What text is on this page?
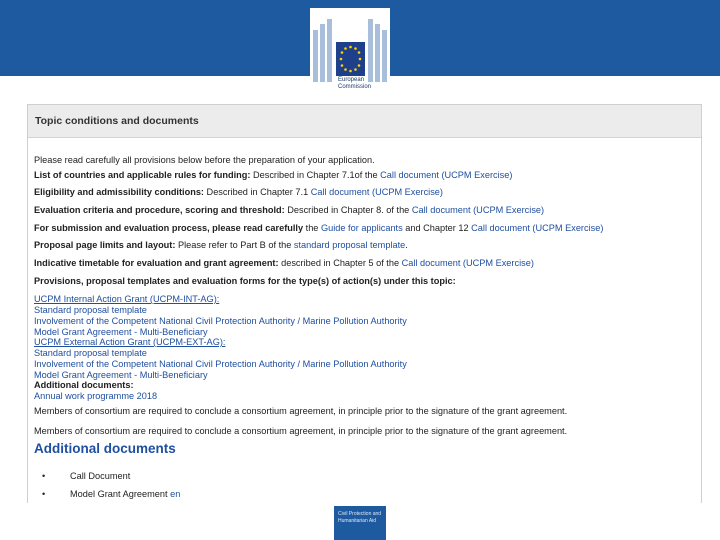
European
Commission
Topic conditions and documents
Please read carefully all provisions below before the preparation of your application.
List of countries and applicable rules for funding: Described in Chapter 7.1of the Call document (UCPM Exercise)
Eligibility and admissibility conditions: Described in Chapter 7.1 Call document (UCPM Exercise)
Evaluation criteria and procedure, scoring and threshold: Described in Chapter 8. of the Call document (UCPM Exercise)
For submission and evaluation process, please read carefully the Guide for applicants and Chapter 12 Call document (UCPM Exercise)
Proposal page limits and layout: Please refer to Part B of the standard proposal template.
Indicative timetable for evaluation and grant agreement: described in Chapter 5 of the Call document (UCPM Exercise)
Provisions, proposal templates and evaluation forms for the type(s) of action(s) under this topic:
UCPM Internal Action Grant (UCPM-INT-AG):
Standard proposal template
Involvement of the Competent National Civil Protection Authority / Marine Pollution Authority
Model Grant Agreement - Multi-Beneficiary
UCPM External Action Grant (UCPM-EXT-AG):
Standard proposal template
Involvement of the Competent National Civil Protection Authority / Marine Pollution Authority
Model Grant Agreement - Multi-Beneficiary
Additional documents:
Annual work programme 2018
Members of consortium are required to conclude a consortium agreement, in principle prior to the signature of the grant agreement.
Members of consortium are required to conclude a consortium agreement, in principle prior to the signature of the grant agreement.
Additional documents
•	Call Document
•	Model Grant Agreement en
Civil Protection and
Humanitarian Aid
